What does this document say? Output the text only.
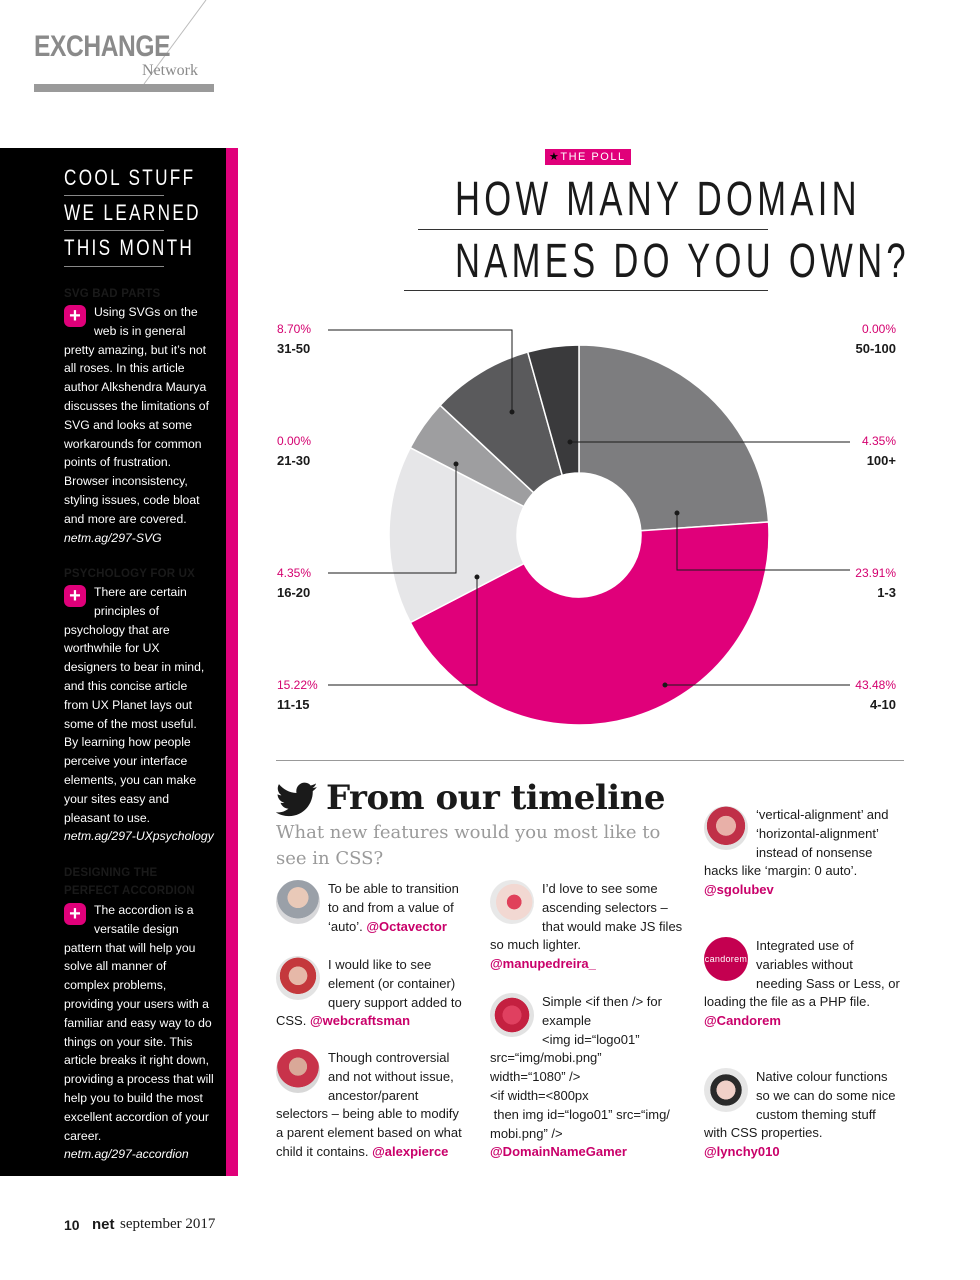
EXCHANGE
Network
COOL STUFF
WE LEARNED
THIS MONTH
SVG BAD PARTS
+	Using SVGs on the web is in general pretty amazing, but it’s not all roses. In this article author Alkshendra Maurya discusses the limitations of SVG and looks at some workarounds for common points of frustration. Browser inconsistency, styling issues, code bloat and more are covered.
netm.ag/297-SVG
PSYCHOLOGY FOR UX
+	There are certain principles of psychology that are worthwhile for UX designers to bear in mind, and this concise article from UX Planet lays out some of the most useful. By learning how people perceive your interface elements, you can make your sites easy and pleasant to use.
netm.ag/297-UXpsychology
DESIGNING THE
PERFECT ACCORDION
+	The accordion is a versatile design pattern that will help you solve all manner of complex problems, providing your users with a familiar and easy way to do things on your site. This article breaks it right down, providing a process that will help you to build the most excellent accordion of your career.
netm.ag/297-accordion
★THE POLL
HOW MANY DOMAIN
NAMES DO YOU OWN?
8.70%
31-50
0.00%
50-100
0.00%
21-30
4.35%
100+
4.35%
16-20
23.91%
1-3
15.22%
11-15
43.48%
4-10
From our timeline
What new features would you most like to see in CSS?
To be able to transition to and from a value of ‘auto’. @Octavector
I would like to see element (or container) query support added to CSS. @webcraftsman
Though controversial and not without issue, ancestor/parent selectors – being able to modify a parent element based on what child it contains. @alexpierce
I’d love to see some ascending selectors – that would make JS files so much lighter. @manupedreira_
Simple <if then /> for
example
<img id=“logo01”
src=“img/mobi.png”
width=“1080” />
<if width=<800px
then img id=“logo01” src=“img/
mobi.png” />
@DomainNameGamer
‘vertical-alignment’ and ‘horizontal-alignment’ instead of nonsense hacks like ‘margin: 0 auto’.
@sgolubev
candorem
Integrated use of variables without needing Sass or Less, or loading the file as a PHP file.
@Candorem
Native colour functions so we can do some nice custom theming stuff with CSS properties.
@lynchy010
10 net september 2017
